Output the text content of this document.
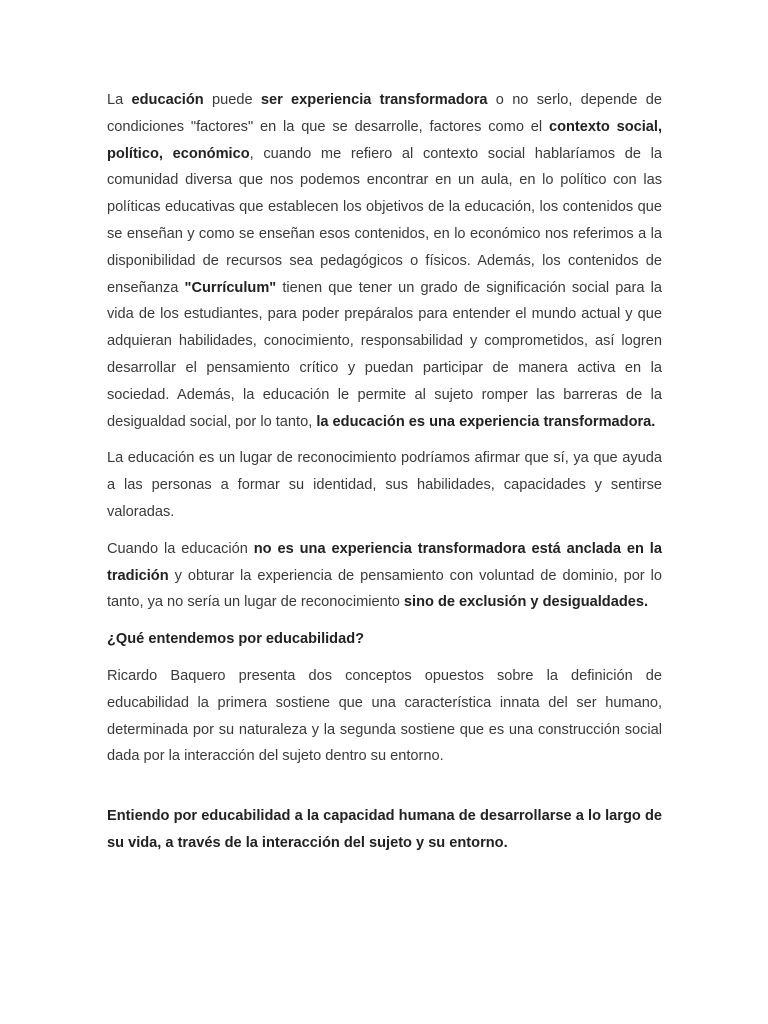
La educación puede ser experiencia transformadora o no serlo, depende de condiciones "factores" en la que se desarrolle, factores como el contexto social, político, económico, cuando me refiero al contexto social hablaríamos de la comunidad diversa que nos podemos encontrar en un aula, en lo político con las políticas educativas que establecen los objetivos de la educación, los contenidos que se enseñan y como se enseñan esos contenidos, en lo económico nos referimos a la disponibilidad de recursos sea pedagógicos o físicos. Además, los contenidos de enseñanza "Currículum" tienen que tener un grado de significación social para la vida de los estudiantes, para poder prepáralos para entender el mundo actual y que adquieran habilidades, conocimiento, responsabilidad y comprometidos, así logren desarrollar el pensamiento crítico y puedan participar de manera activa en la sociedad. Además, la educación le permite al sujeto romper las barreras de la desigualdad social, por lo tanto, la educación es una experiencia transformadora.

La educación es un lugar de reconocimiento podríamos afirmar que sí, ya que ayuda a las personas a formar su identidad, sus habilidades, capacidades y sentirse valoradas.

Cuando la educación no es una experiencia transformadora está anclada en la tradición y obturar la experiencia de pensamiento con voluntad de dominio, por lo tanto, ya no sería un lugar de reconocimiento sino de exclusión y desigualdades.

¿Qué entendemos por educabilidad?

Ricardo Baquero presenta dos conceptos opuestos sobre la definición de educabilidad la primera sostiene que una característica innata del ser humano, determinada por su naturaleza y la segunda sostiene que es una construcción social dada por la interacción del sujeto dentro su entorno.

Entiendo por educabilidad a la capacidad humana de desarrollarse a lo largo de su vida, a través de la interacción del sujeto y su entorno.
